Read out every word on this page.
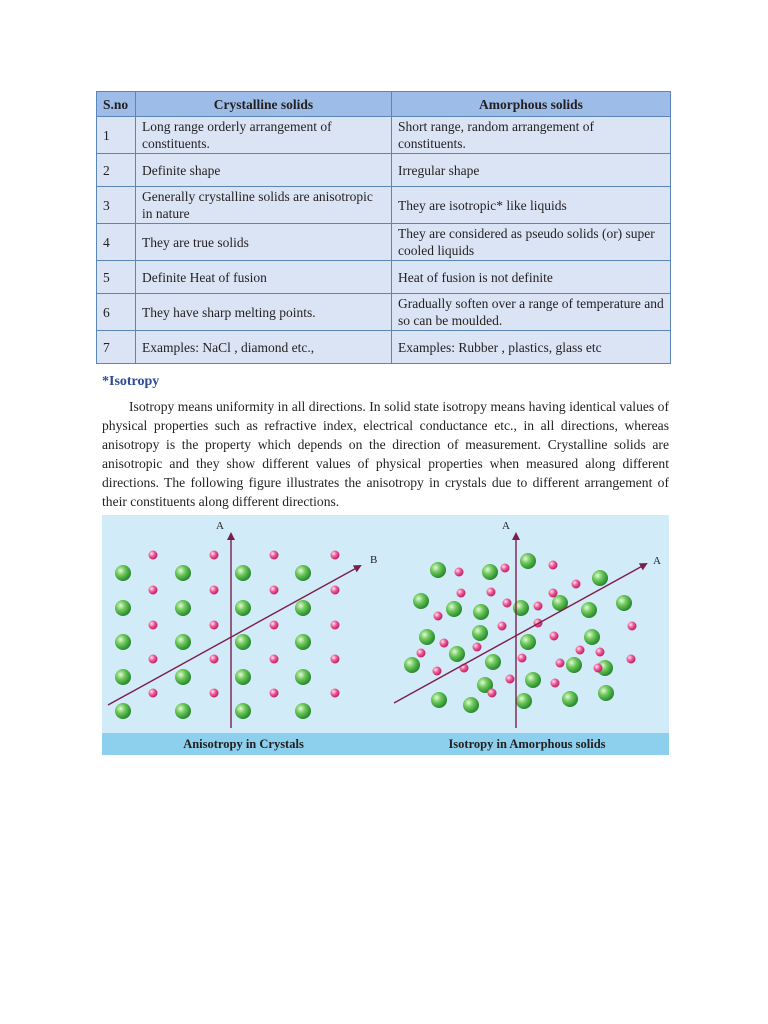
S.no	Crystalline solids	Amorphous solids
1	Long range orderly arrangement of constituents.	Short range, random arrangement of constituents.
2	Definite shape	Irregular shape
3	Generally crystalline solids are anisotropic in nature	They are isotropic* like liquids
4	They are true solids	They are considered as pseudo solids (or) super cooled liquids
5	Definite Heat of fusion	Heat of fusion is not definite
6	They have sharp melting points.	Gradually soften over a range of temperature and so can be moulded.
7	Examples: NaCl , diamond etc.,	Examples: Rubber , plastics, glass etc
*Isotropy

Isotropy means uniformity in all directions. In solid state isotropy means having identical values of physical properties such as refractive index, electrical conductance etc., in all directions, whereas anisotropy is the property which depends on the direction of measurement. Crystalline solids are anisotropic and they show different values of physical properties when measured along different directions. The following figure illustrates the anisotropy in crystals due to different arrangement of their constituents along different directions.

A
B
A
A
Anisotropy in Crystals	Isotropy in Amorphous solids
